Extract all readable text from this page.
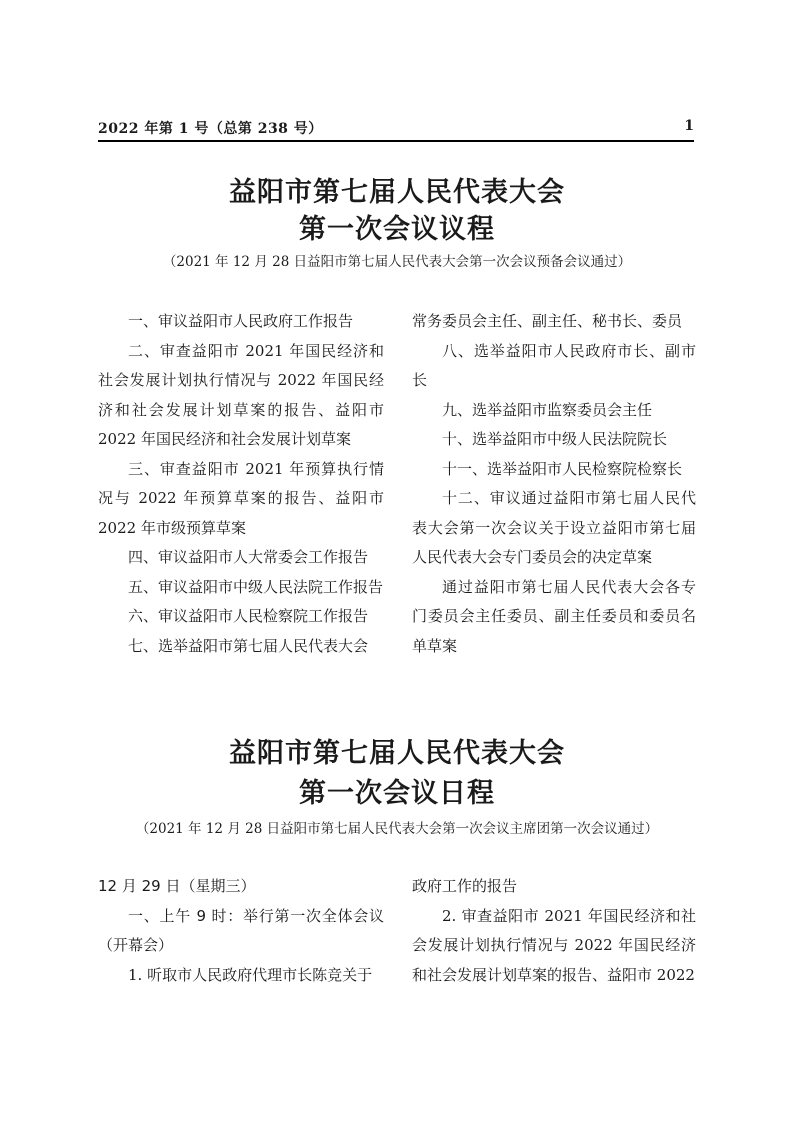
2022 年第 1 号（总第 238 号）	1
益阳市第七届人民代表大会
第一次会议议程
（2021 年 12 月 28 日益阳市第七届人民代表大会第一次会议预备会议通过）

一、审议益阳市人民政府工作报告

二、审查益阳市 2021 年国民经济和社会发展计划执行情况与 2022 年国民经济和社会发展计划草案的报告、益阳市 2022 年国民经济和社会发展计划草案

三、审查益阳市 2021 年预算执行情况与 2022 年预算草案的报告、益阳市 2022 年市级预算草案

四、审议益阳市人大常委会工作报告

五、审议益阳市中级人民法院工作报告

六、审议益阳市人民检察院工作报告

七、选举益阳市第七届人民代表大会

常务委员会主任、副主任、秘书长、委员

八、选举益阳市人民政府市长、副市长

九、选举益阳市监察委员会主任

十、选举益阳市中级人民法院院长

十一、选举益阳市人民检察院检察长

十二、审议通过益阳市第七届人民代表大会第一次会议关于设立益阳市第七届人民代表大会专门委员会的决定草案

通过益阳市第七届人民代表大会各专门委员会主任委员、副主任委员和委员名单草案

益阳市第七届人民代表大会
第一次会议日程
（2021 年 12 月 28 日益阳市第七届人民代表大会第一次会议主席团第一次会议通过）

12 月 29 日（星期三）

一、上午 9 时：举行第一次全体会议（开幕会）

1. 听取市人民政府代理市长陈竞关于

政府工作的报告

2. 审查益阳市 2021 年国民经济和社会发展计划执行情况与 2022 年国民经济和社会发展计划草案的报告、益阳市 2022
